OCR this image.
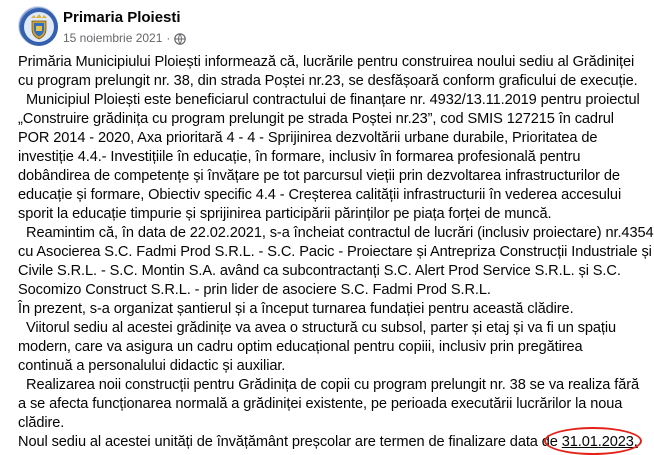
Primaria Ploiesti
15 noiembrie 2021 ·
Primăria Municipiului Ploiești informează că, lucrările pentru construirea noului sediu al Grădiniței
cu program prelungit nr. 38, din strada Poștei nr.23, se desfășoară conform graficului de execuție.
Municipiul Ploiești este beneficiarul contractului de finanțare nr. 4932/13.11.2019 pentru proiectul
„Construire grădinița cu program prelungit pe strada Poștei nr.23”, cod SMIS 127215 în cadrul
POR 2014 - 2020, Axa prioritară 4 - 4 - Sprijinirea dezvoltării urbane durabile, Prioritatea de
investiție 4.4.- Investițiile în educație, în formare, inclusiv în formarea profesională pentru
dobândirea de competențe și învățare pe tot parcursul vieții prin dezvoltarea infrastructurilor de
educație și formare, Obiectiv specific 4.4 - Creșterea calității infrastructurii în vederea accesului
sporit la educație timpurie și sprijinirea participării părinților pe piața forței de muncă.
Reamintim că, în data de 22.02.2021, s-a încheiat contractul de lucrări (inclusiv proiectare) nr.4354
cu Asocierea S.C. Fadmi Prod S.R.L. - S.C. Pacic - Proiectare și Antrepriza Construcții Industriale și
Civile S.R.L. - S.C. Montin S.A. având ca subcontractanți S.C. Alert Prod Service S.R.L. și S.C.
Socomizo Construct S.R.L. - prin lider de asociere S.C. Fadmi Prod S.R.L.
În prezent, s-a organizat șantierul și a început turnarea fundației pentru această clădire.
Viitorul sediu al acestei grădinițe va avea o structură cu subsol, parter și etaj și va fi un spațiu
modern, care va asigura un cadru optim educațional pentru copiii, inclusiv prin pregătirea
continuă a personalului didactic și auxiliar.
Realizarea noii construcții pentru Grădinița de copii cu program prelungit nr. 38 se va realiza fără
a se afecta funcționarea normală a grădiniței existente, pe perioada executării lucrărilor la noua
clădire.
Noul sediu al acestei unități de învățământ preșcolar are termen de finalizare data de
31.01.2023.
